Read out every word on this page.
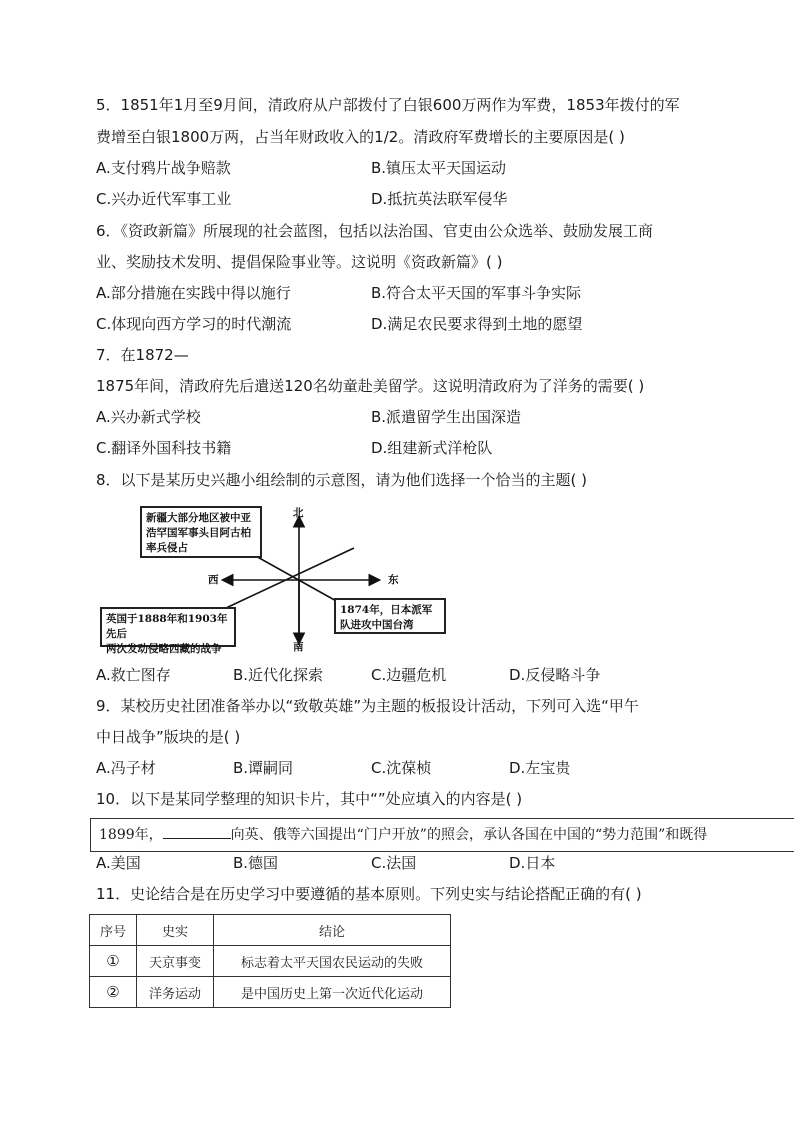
5．1851年1月至9月间，清政府从户部拨付了白银600万两作为军费，1853年拨付的军
费增至白银1800万两，占当年财政收入的1/2。清政府军费增长的主要原因是( )
A.支付鸦片战争赔款	B.镇压太平天国运动
C.兴办近代军事工业	D.抵抗英法联军侵华
6．《资政新篇》所展现的社会蓝图，包括以法治国、官吏由公众选举、鼓励发展工商
业、奖励技术发明、提倡保险事业等。这说明《资政新篇》( )
A.部分措施在实践中得以施行	B.符合太平天国的军事斗争实际
C.体现向西方学习的时代潮流	D.满足农民要求得到土地的愿望
7．在1872—
1875年间，清政府先后遣送120名幼童赴美留学。这说明清政府为了洋务的需要( )
A.兴办新式学校	B.派遣留学生出国深造
C.翻译外国科技书籍	D.组建新式洋枪队
8．以下是某历史兴趣小组绘制的示意图，请为他们选择一个恰当的主题( )
北
南
东
西
新疆大部分地区被中亚
浩罕国军事头目阿古柏
率兵侵占
1874年，日本派军
队进攻中国台湾
英国于1888年和1903年先后
两次发动侵略西藏的战争
A.救亡图存	B.近代化探索	C.边疆危机	D.反侵略斗争
9．某校历史社团准备举办以“致敬英雄”为主题的板报设计活动，下列可入选“甲午
中日战争”版块的是( )
A.冯子材	B.谭嗣同	C.沈葆桢	D.左宝贵
10．以下是某同学整理的知识卡片，其中“”处应填入的内容是( )
1899年，	向英、俄等六国提出“门户开放”的照会，承认各国在中国的“势力范围”和既得
A.美国	B.德国	C.法国	D.日本
11．史论结合是在历史学习中要遵循的基本原则。下列史实与结论搭配正确的有( )
序号	史实	结论
①	天京事变	标志着太平天国农民运动的失败
②	洋务运动	是中国历史上第一次近代化运动
